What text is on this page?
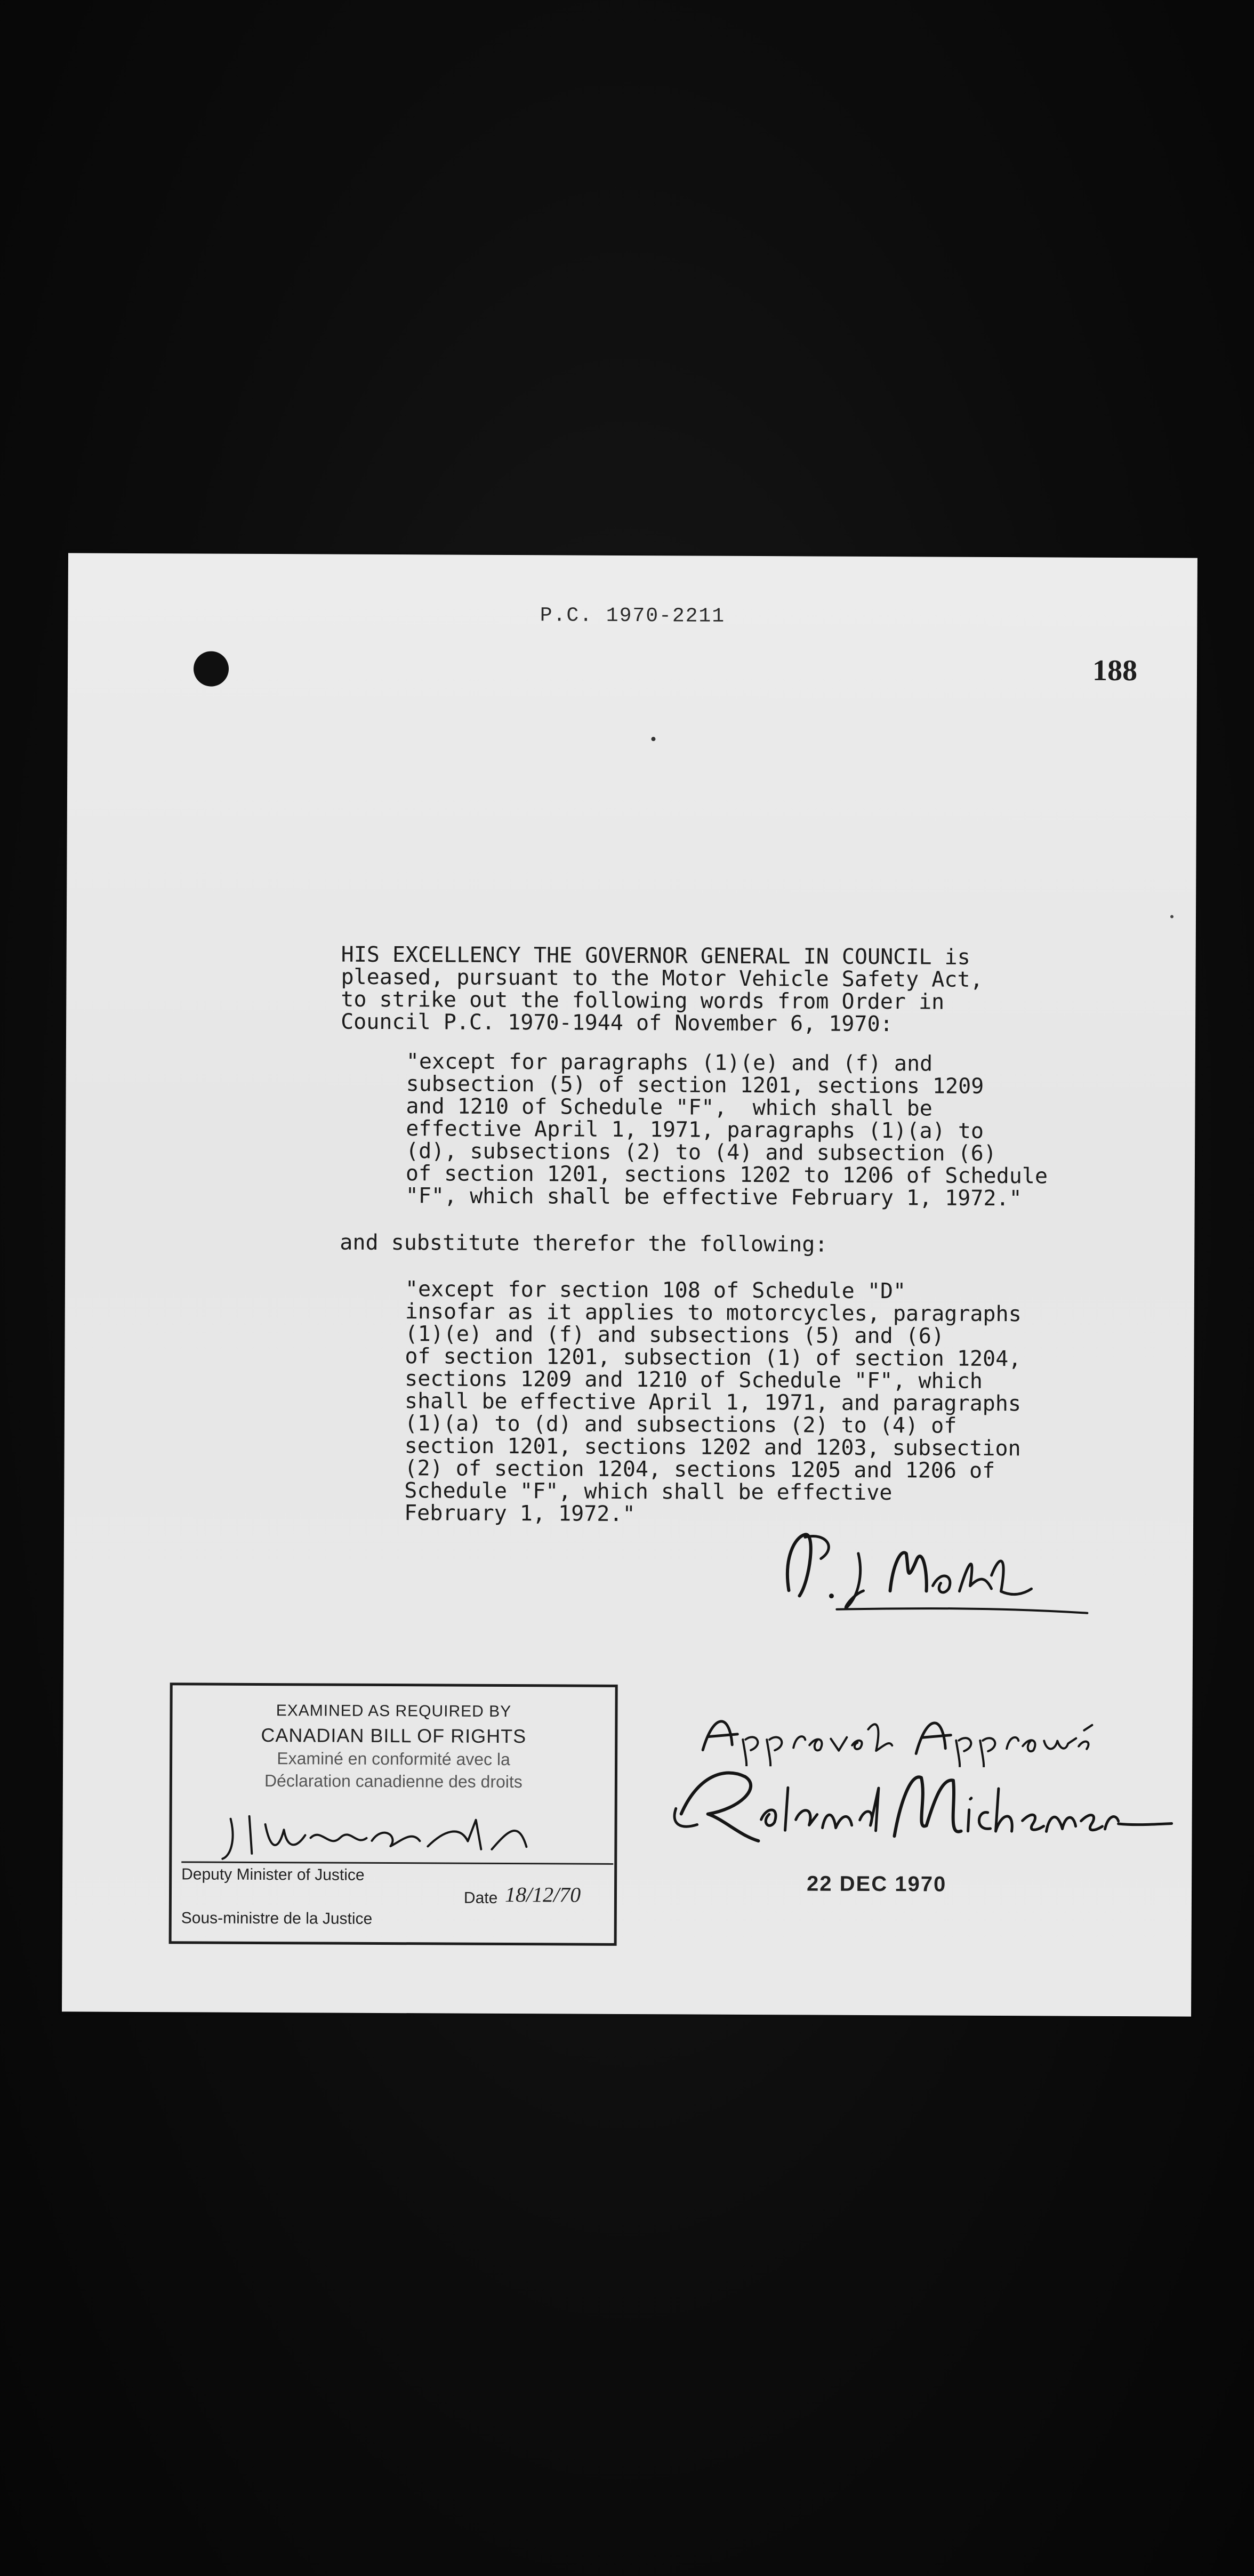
P.C. 1970-2211
188
HIS EXCELLENCY THE GOVERNOR GENERAL IN COUNCIL is
pleased, pursuant to the Motor Vehicle Safety Act,
to strike out the following words from Order in
Council P.C. 1970-1944 of November 6, 1970:
"except for paragraphs (1)(e) and (f) and
subsection (5) of section 1201, sections 1209
and 1210 of Schedule "F",  which shall be
effective April 1, 1971, paragraphs (1)(a) to
(d), subsections (2) to (4) and subsection (6)
of section 1201, sections 1202 to 1206 of Schedule
"F", which shall be effective February 1, 1972."
and substitute therefor the following:
"except for section 108 of Schedule "D"
insofar as it applies to motorcycles, paragraphs
(1)(e) and (f) and subsections (5) and (6)
of section 1201, subsection (1) of section 1204,
sections 1209 and 1210 of Schedule "F", which
shall be effective April 1, 1971, and paragraphs
(1)(a) to (d) and subsections (2) to (4) of
section 1201, sections 1202 and 1203, subsection
(2) of section 1204, sections 1205 and 1206 of
Schedule "F", which shall be effective
February 1, 1972."
EXAMINED AS REQUIRED BY
CANADIAN BILL OF RIGHTS
Examiné en conformité avec la
Déclaration canadienne des droits
Deputy Minister of Justice
Sous-ministre de la Justice
Date 18/12/70	22 DEC 1970
